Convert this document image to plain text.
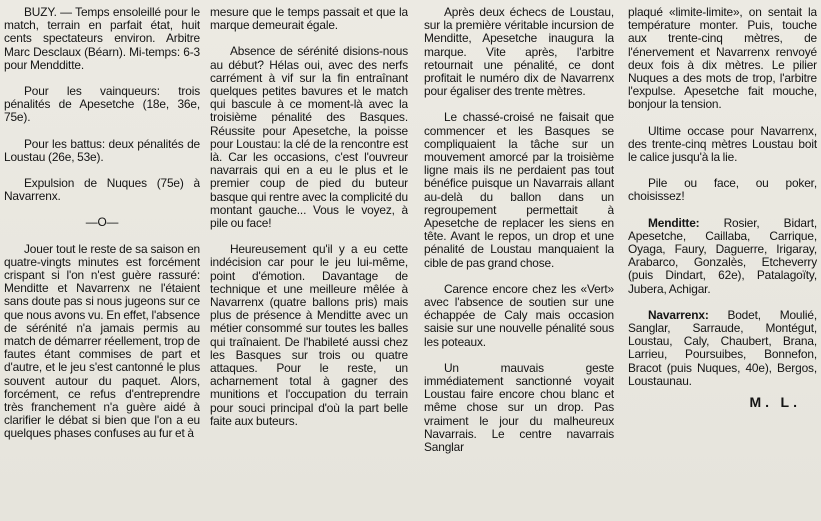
BUZY. — Temps ensoleillé pour le match, terrain en parfait état, huit cents spectateurs environ. Arbitre Marc Desclaux (Béarn). Mi-temps: 6-3 pour Mendditte.

Pour les vainqueurs: trois pénalités de Apesetche (18e, 36e, 75e).

Pour les battus: deux pénalités de Loustau (26e, 53e).

Expulsion de Nuques (75e) à Navarrenx.

—O—

Jouer tout le reste de sa saison en quatre-vingts minutes est forcément crispant si l'on n'est guère rassuré: Menditte et Navarrenx ne l'étaient sans doute pas si nous jugeons sur ce que nous avons vu. En effet, l'absence de sérénité n'a jamais permis au match de démarrer réellement, trop de fautes étant commises de part et d'autre, et le jeu s'est cantonné le plus souvent autour du paquet. Alors, forcément, ce refus d'entreprendre très franchement n'a guère aidé à clarifier le débat si bien que l'on a eu quelques phases confuses au fur et à

mesure que le temps passait et que la marque demeurait égale.

Absence de sérénité disions-nous au début? Hélas oui, avec des nerfs carrément à vif sur la fin entraînant quelques petites bavures et le match qui bascule à ce moment-là avec la troisième pénalité des Basques. Réussite pour Apesetche, la poisse pour Loustau: la clé de la rencontre est là. Car les occasions, c'est l'ouvreur navarrais qui en a eu le plus et le premier coup de pied du buteur basque qui rentre avec la complicité du montant gauche... Vous le voyez, à pile ou face!

Heureusement qu'il y a eu cette indécision car pour le jeu lui-même, point d'émotion. Davantage de technique et une meilleure mêlée à Navarrenx (quatre ballons pris) mais plus de présence à Menditte avec un métier consommé sur toutes les balles qui traînaient. De l'habileté aussi chez les Basques sur trois ou quatre attaques. Pour le reste, un acharnement total à gagner des munitions et l'occupation du terrain pour souci principal d'où la part belle faite aux buteurs.

Après deux échecs de Loustau, sur la première véritable incursion de Menditte, Apesetche inaugura la marque. Vite après, l'arbitre retournait une pénalité, ce dont profitait le numéro dix de Navarrenx pour égaliser des trente mètres.

Le chassé-croisé ne faisait que commencer et les Basques se compliquaient la tâche sur un mouvement amorcé par la troisième ligne mais ils ne perdaient pas tout bénéfice puisque un Navarrais allant au-delà du ballon dans un regroupement permettait à Apesetche de replacer les siens en tête. Avant le repos, un drop et une pénalité de Loustau manquaient la cible de pas grand chose.

Carence encore chez les «Vert» avec l'absence de soutien sur une échappée de Caly mais occasion saisie sur une nouvelle pénalité sous les poteaux.

Un mauvais geste immédiatement sanctionné voyait Loustau faire encore chou blanc et même chose sur un drop. Pas vraiment le jour du malheureux Navarrais. Le centre navarrais Sanglar

plaqué «limite-limite», on sentait la température monter. Puis, touche aux trente-cinq mètres, de l'énervement et Navarrenx renvoyé deux fois à dix mètres. Le pilier Nuques a des mots de trop, l'arbitre l'expulse. Apesetche fait mouche, bonjour la tension.

Ultime occase pour Navarrenx, des trente-cinq mètres Loustau boit le calice jusqu'à la lie.

Pile ou face, ou poker, choisissez!

Menditte: Rosier, Bidart, Apesetche, Caillaba, Carrique, Oyaga, Faury, Daguerre, Irigaray, Arabarco, Gonzalès, Etcheverry (puis Dindart, 62e), Patalagoïty, Jubera, Achigar.

Navarrenx: Bodet, Moulié, Sanglar, Sarraude, Montégut, Loustau, Caly, Chaubert, Brana, Larrieu, Poursuibes, Bonnefon, Bracot (puis Nuques, 40e), Bergos, Loustaunau.

M. L.
